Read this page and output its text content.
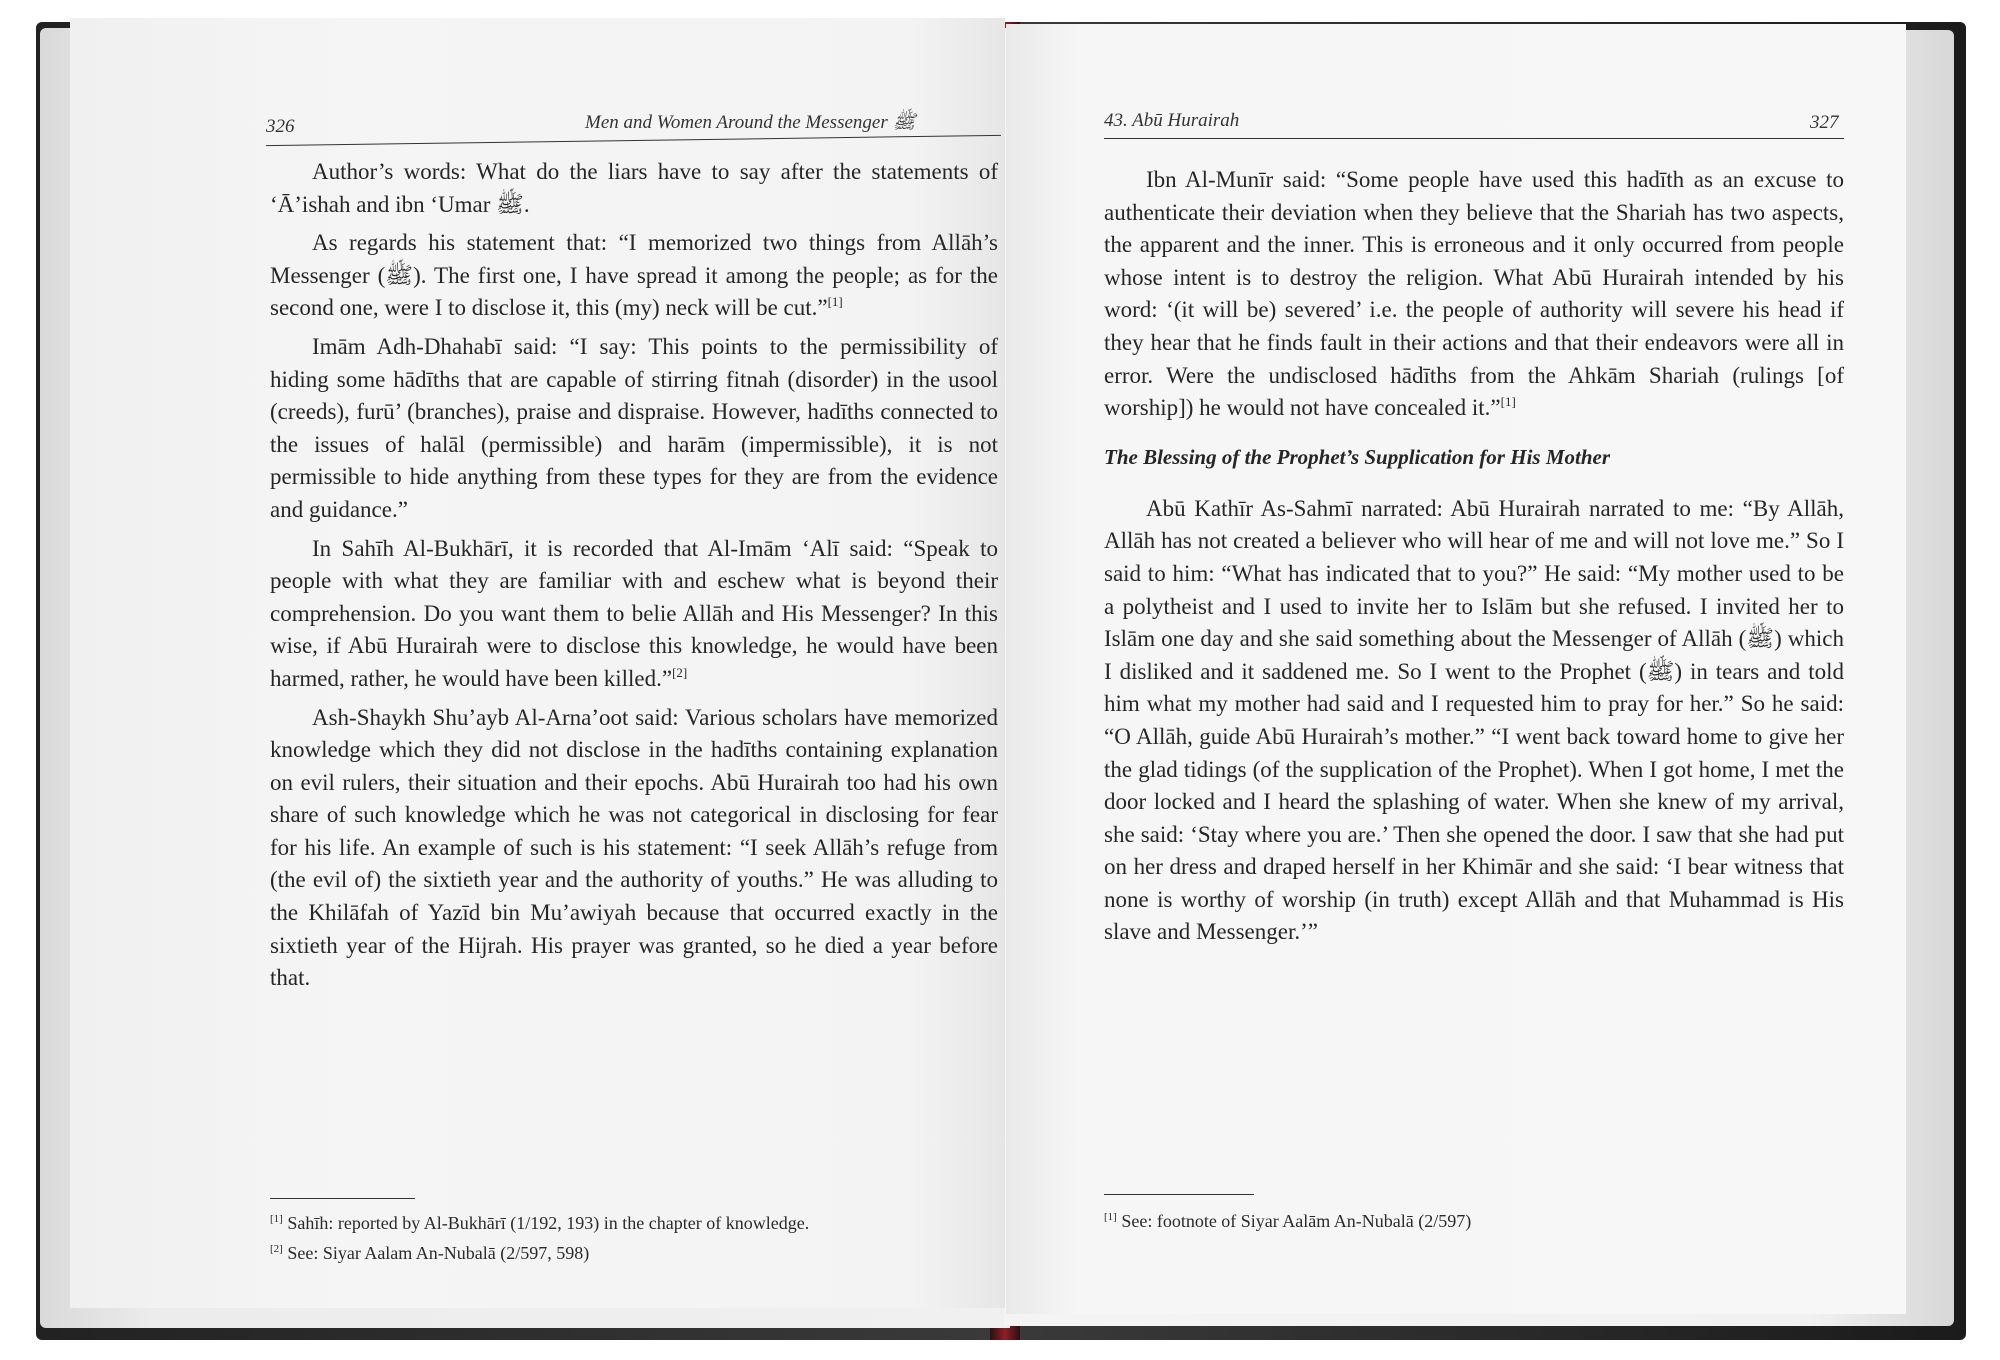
326	Men and Women Around the Messenger ﷺ

Author’s words: What do the liars have to say after the statements of ‘Ā’ishah and ibn ‘Umar ﷺ.

As regards his statement that: “I memorized two things from Allāh’s Messenger (ﷺ). The first one, I have spread it among the people; as for the second one, were I to disclose it, this (my) neck will be cut.”[1]

Imām Adh-Dhahabī said: “I say: This points to the permissibility of hiding some hādīths that are capable of stirring fitnah (disorder) in the usool (creeds), furū’ (branches), praise and dispraise. However, hadīths connected to the issues of halāl (permissible) and harām (impermissible), it is not permissible to hide anything from these types for they are from the evidence and guidance.”

In Sahīh Al-Bukhārī, it is recorded that Al-Imām ‘Alī said: “Speak to people with what they are familiar with and eschew what is beyond their comprehension. Do you want them to belie Allāh and His Messenger? In this wise, if Abū Hurairah were to disclose this knowledge, he would have been harmed, rather, he would have been killed.”[2]

Ash-Shaykh Shu’ayb Al-Arna’oot said: Various scholars have memorized knowledge which they did not disclose in the hadīths containing explanation on evil rulers, their situation and their epochs. Abū Hurairah too had his own share of such knowledge which he was not categorical in disclosing for fear for his life. An example of such is his statement: “I seek Allāh’s refuge from (the evil of) the sixtieth year and the authority of youths.” He was alluding to the Khilāfah of Yazīd bin Mu’awiyah because that occurred exactly in the sixtieth year of the Hijrah. His prayer was granted, so he died a year before that.

[1] Sahīh: reported by Al-Bukhārī (1/192, 193) in the chapter of knowledge.
[2] See: Siyar Aalam An-Nubalā (2/597, 598)
43. Abū Hurairah	327

Ibn Al-Munīr said: “Some people have used this hadīth as an excuse to authenticate their deviation when they believe that the Shariah has two aspects, the apparent and the inner. This is erroneous and it only occurred from people whose intent is to destroy the religion. What Abū Hurairah intended by his word: ‘(it will be) severed’ i.e. the people of authority will severe his head if they hear that he finds fault in their actions and that their endeavors were all in error. Were the undisclosed hādīths from the Ahkām Shariah (rulings [of worship]) he would not have concealed it.”[1]

The Blessing of the Prophet’s Supplication for His Mother

Abū Kathīr As-Sahmī narrated: Abū Hurairah narrated to me: “By Allāh, Allāh has not created a believer who will hear of me and will not love me.” So I said to him: “What has indicated that to you?” He said: “My mother used to be a polytheist and I used to invite her to Islām but she refused. I invited her to Islām one day and she said something about the Messenger of Allāh (ﷺ) which I disliked and it saddened me. So I went to the Prophet (ﷺ) in tears and told him what my mother had said and I requested him to pray for her.” So he said: “O Allāh, guide Abū Hurairah’s mother.” “I went back toward home to give her the glad tidings (of the supplication of the Prophet). When I got home, I met the door locked and I heard the splashing of water. When she knew of my arrival, she said: ‘Stay where you are.’ Then she opened the door. I saw that she had put on her dress and draped herself in her Khimār and she said: ‘I bear witness that none is worthy of worship (in truth) except Allāh and that Muhammad is His slave and Messenger.’”

[1] See: footnote of Siyar Aalām An-Nubalā (2/597)
